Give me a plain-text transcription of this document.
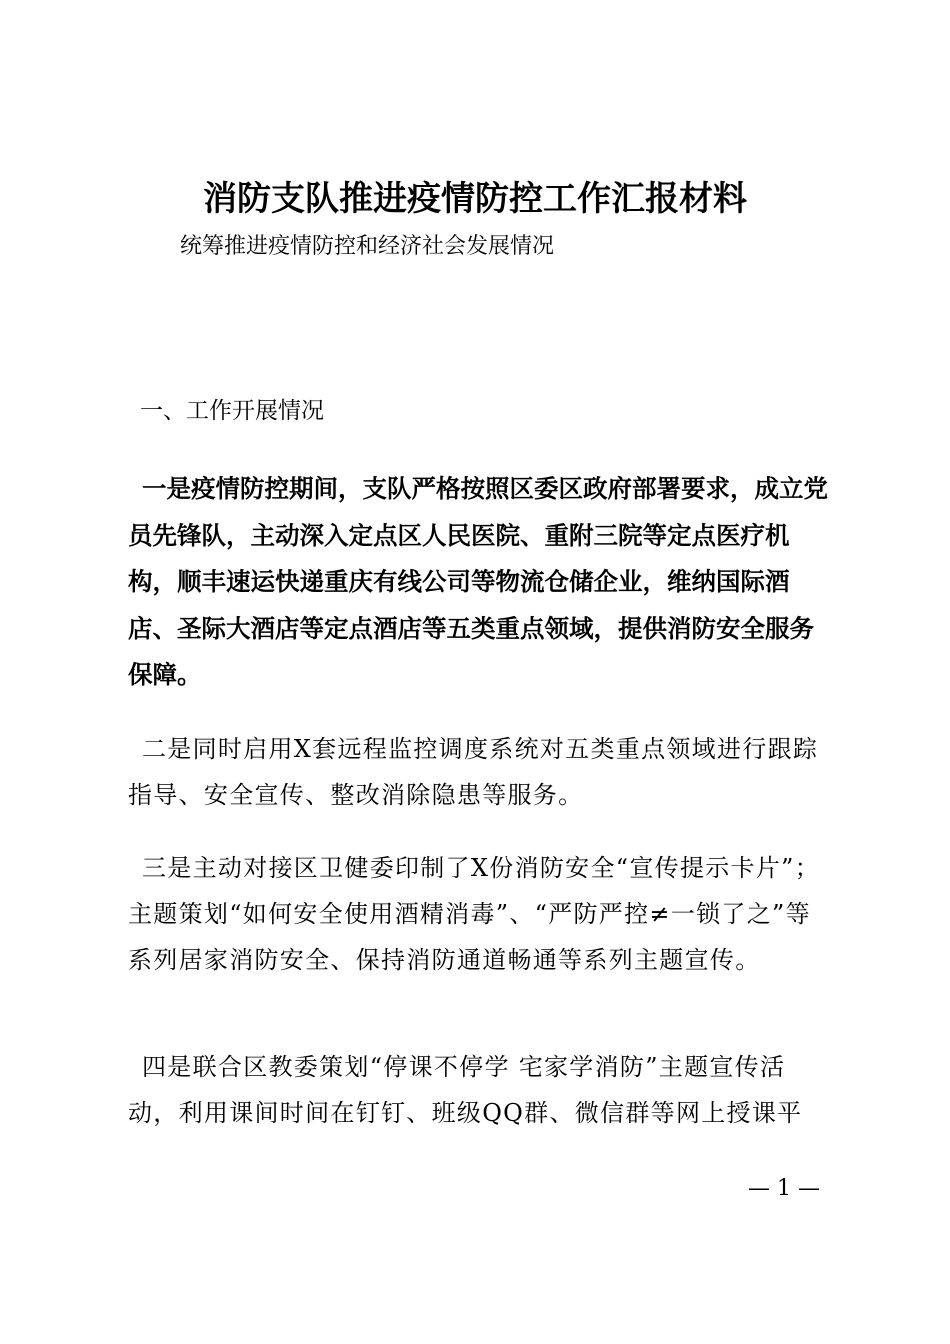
消防支队推进疫情防控工作汇报材料
统筹推进疫情防控和经济社会发展情况
一、工作开展情况

一是疫情防控期间，支队严格按照区委区政府部署要求，成立党员先锋队，主动深入定点区人民医院、重附三院等定点医疗机构，顺丰速运快递重庆有线公司等物流仓储企业，维纳国际酒店、圣际大酒店等定点酒店等五类重点领域，提供消防安全服务保障。

二是同时启用X套远程监控调度系统对五类重点领域进行跟踪指导、安全宣传、整改消除隐患等服务。

三是主动对接区卫健委印制了X份消防安全“宣传提示卡片”；主题策划“如何安全使用酒精消毒”、“严防严控≠一锁了之”等系列居家消防安全、保持消防通道畅通等系列主题宣传。

四是联合区教委策划“停课不停学 宅家学消防”主题宣传活动，利用课间时间在钉钉、班级QQ群、微信群等网上授课平

— 1 —
